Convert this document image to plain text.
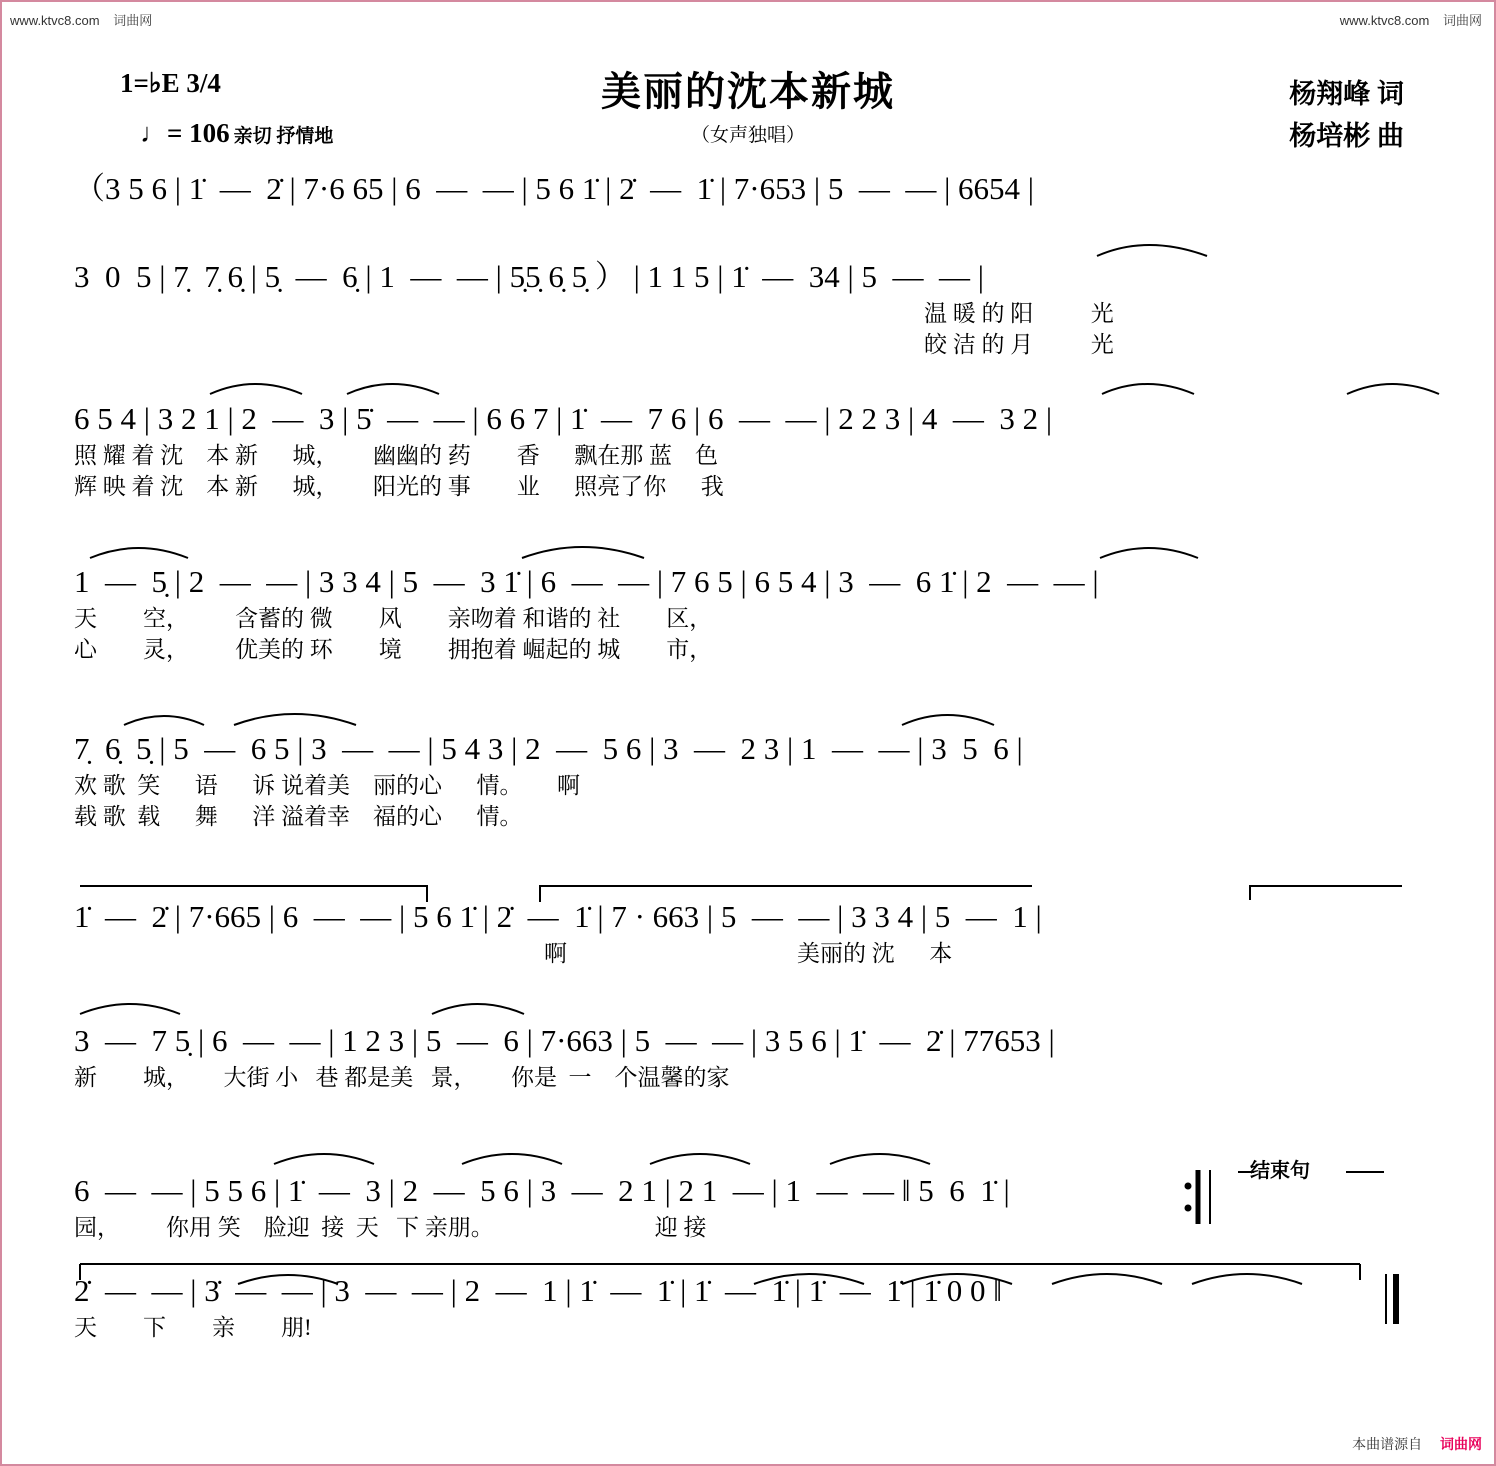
www.ktvc8.com 词曲网	www.ktvc8.com 词曲网
本曲谱源自 词曲网
美丽的沈本新城
（女声独唱）
杨翔峰 词
杨培彬 曲
1=♭E 3/4
♩= 106 亲切 抒情地
（3 5 6 | 1̇  —  2̇ | 7·6 65 | 6  —  — | 5 6 1̇ | 2̇  —  1̇ | 7·653 | 5  —  — | 6654 |
3  0  5 | 7̣  7̣ 6̣ | 5̣  —  6̣ | 1  —  — | 5̣5̣ 6̣ 5̣ ） | 1 1 5 | 1̇  —  34 | 5  —  — |
温 暖 的 阳          光
皎 洁 的 月          光
6 5 4 | 3 2 1 | 2  —  3 | 5̇  —  — | 6 6 7 | 1̇  —  7 6 | 6  —  — | 2 2 3 | 4  —  3 2 |
照 耀 着 沈    本 新      城，      幽幽的 药        香      飘在那 蓝    色
辉 映 着 沈    本 新      城，      阳光的 事        业      照亮了你      我
1  —  5̣ | 2  —  — | 3 3 4 | 5  —  3 1̇ | 6  —  — | 7 6 5 | 6 5 4 | 3  —  6 1̇ | 2  —  — |
天        空，        含蓄的 微        风        亲吻着 和谐的 社        区，
心        灵，        优美的 环        境        拥抱着 崛起的 城        市，
7̣  6̣  5̣ | 5  —  6 5 | 3  —  — | 5 4 3 | 2  —  5 6 | 3  —  2 3 | 1  —  — | 3  5  6 |
欢 歌  笑      语      诉 说着美    丽的心      情。      啊
载 歌  载      舞      洋 溢着幸    福的心      情。
1̇  —  2̇ | 7·665 | 6  —  — | 5 6 1̇ | 2̇  —  1̇ | 7 · 663 | 5  —  — | 3 3 4 | 5  —  1 |
啊                                        美丽的 沈      本
3  —  7 5̣ | 6  —  — | 1 2 3 | 5  —  6 | 7·663 | 5  —  — | 3 5 6 | 1̇  —  2̇ | 77653 |
新        城，      大街 小   巷 都是美   景，      你是  一    个温馨的家
6  —  — | 5 5 6 | 1̇  —  3 | 2  —  5 6 | 3  —  2 1 | 2 1  — | 1  —  — ‖ 5  6  1̇ |
园，        你用 笑    脸迎  接  天   下 亲朋。                            迎 接
结束句
2̇  —  — | 3̇  —  — | 3  —  — | 2  —  1 | 1̇  —  1̇ | 1̇  —  1̇ | 1̇  —  1̇ | 1̇ 0 0 ‖
天        下        亲        朋!
